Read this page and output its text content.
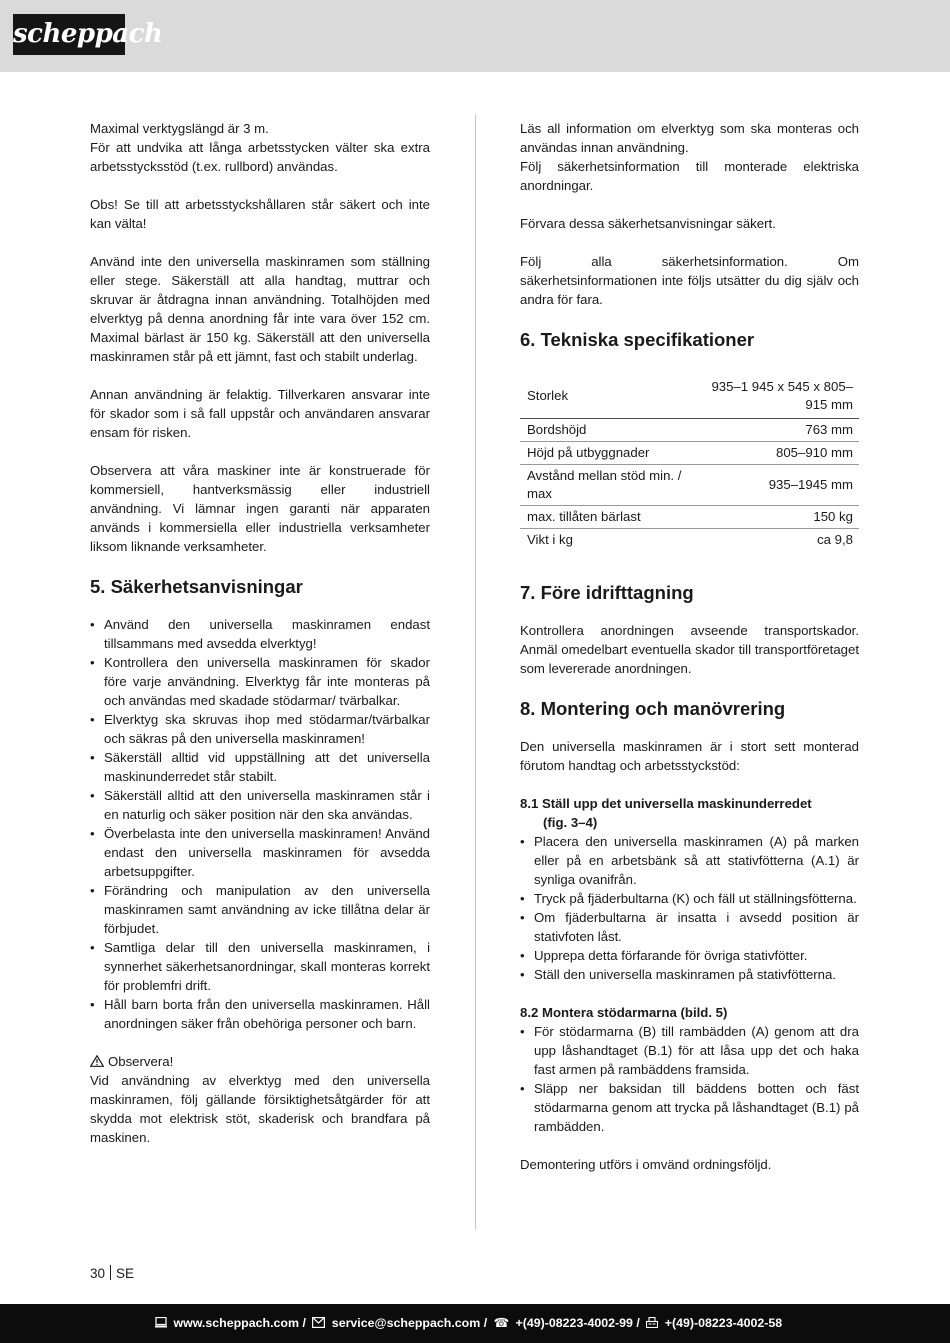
scheppach

Maximal verktygslängd är 3 m.

För att undvika att långa arbetsstycken välter ska extra arbetsstycksstöd (t.ex. rullbord) användas.

Obs! Se till att arbetsstyckshållaren står säkert och inte kan välta!

Använd inte den universella maskinramen som ställning eller stege. Säkerställ att alla handtag, muttrar och skruvar är åtdragna innan användning. Totalhöjden med elverktyg på denna anordning får inte vara över 152 cm. Maximal bärlast är 150 kg. Säkerställ att den universella maskinramen står på ett jämnt, fast och stabilt underlag.

Annan användning är felaktig. Tillverkaren ansvarar inte för skador som i så fall uppstår och användaren ansvarar ensam för risken.

Observera att våra maskiner inte är konstruerade för kommersiell, hantverksmässig eller industriell användning. Vi lämnar ingen garanti när apparaten används i kommersiella eller industriella verksamheter liksom liknande verksamheter.

5. Säkerhetsanvisningar
• Använd den universella maskinramen endast tillsammans med avsedda elverktyg!
• Kontrollera den universella maskinramen för skador före varje användning. Elverktyg får inte monteras på och användas med skadade stödarmar/ tvärbalkar.
• Elverktyg ska skruvas ihop med stödarmar/tvärbalkar och säkras på den universella maskinramen!
• Säkerställ alltid vid uppställning att det universella maskinunderredet står stabilt.
• Säkerställ alltid att den universella maskinramen står i en naturlig och säker position när den ska användas.
• Överbelasta inte den universella maskinramen! Använd endast den universella maskinramen för avsedda arbetsuppgifter.
• Förändring och manipulation av den universella maskinramen samt användning av icke tillåtna delar är förbjudet.
• Samtliga delar till den universella maskinramen, i synnerhet säkerhetsanordningar, skall monteras korrekt för problemfri drift.
• Håll barn borta från den universella maskinramen. Håll anordningen säker från obehöriga personer och barn.
Observera!

Vid användning av elverktyg med den universella maskinramen, följ gällande försiktighetsåtgärder för att skydda mot elektrisk stöt, skaderisk och brandfara på maskinen.

Läs all information om elverktyg som ska monteras och användas innan användning.

Följ säkerhetsinformation till monterade elektriska anordningar.

Förvara dessa säkerhetsanvisningar säkert.

Följ alla säkerhetsinformation. Om säkerhetsinformationen inte följs utsätter du dig själv och andra för fara.

6. Tekniska specifikationer
Storlek	935–1 945 x 545 x 805–915 mm
Bordshöjd	763 mm
Höjd på utbyggnader	805–910 mm
Avstånd mellan stöd min. / max	935–1945 mm
max. tillåten bärlast	150 kg
Vikt i kg	ca 9,8
7. Före idrifttagning

Kontrollera anordningen avseende transportskador. Anmäl omedelbart eventuella skador till transportföretaget som levererade anordningen.

8. Montering och manövrering

Den universella maskinramen är i stort sett monterad förutom handtag och arbetsstyckstöd:

8.1 Ställ upp det universella maskinunderredet
(fig. 3–4)
• Placera den universella maskinramen (A) på marken eller på en arbetsbänk så att stativfötterna (A.1) är synliga ovanifrån.
• Tryck på fjäderbultarna (K) och fäll ut ställningsfötterna.
• Om fjäderbultarna är insatta i avsedd position är stativfoten låst.
• Upprepa detta förfarande för övriga stativfötter.
• Ställ den universella maskinramen på stativfötterna.
8.2 Montera stödarmarna (bild. 5)
• För stödarmarna (B) till rambädden (A) genom att dra upp låshandtaget (B.1) för att låsa upp det och haka fast armen på rambäddens framsida.
• Släpp ner baksidan till bäddens botten och fäst stödarmarna genom att trycka på låshandtaget (B.1) på rambädden.

Demontering utförs i omvänd ordningsföljd.

30 SE
www.scheppach.com / service@scheppach.com / ☎ +(49)-08223-4002-99 / +(49)-08223-4002-58
